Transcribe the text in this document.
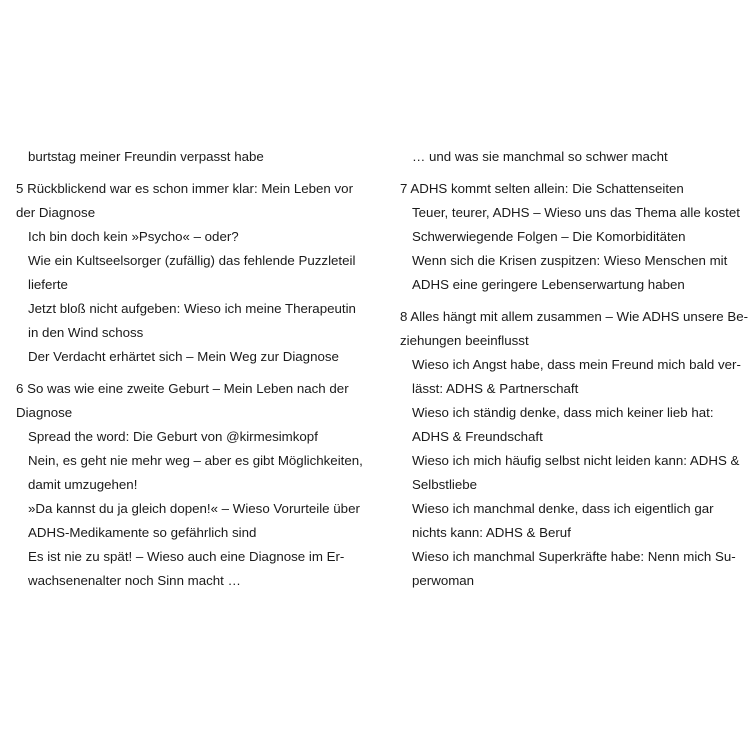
burtstag meiner Freundin verpasst habe
5 Rückblickend war es schon immer klar: Mein Leben vor
der Diagnose
Ich bin doch kein »Psycho« – oder?
Wie ein Kultseelsorger (zufällig) das fehlende Puzzleteil
lieferte
Jetzt bloß nicht aufgeben: Wieso ich meine Therapeutin
in den Wind schoss
Der Verdacht erhärtet sich – Mein Weg zur Diagnose
6 So was wie eine zweite Geburt – Mein Leben nach der
Diagnose
Spread the word: Die Geburt von @kirmesimkopf
Nein, es geht nie mehr weg – aber es gibt Möglichkeiten,
damit umzugehen!
»Da kannst du ja gleich dopen!« – Wieso Vorurteile über
ADHS-Medikamente so gefährlich sind
Es ist nie zu spät! – Wieso auch eine Diagnose im Er-
wachsenenalter noch Sinn macht …
… und was sie manchmal so schwer macht
7 ADHS kommt selten allein: Die Schattenseiten
Teuer, teurer, ADHS – Wieso uns das Thema alle kostet
Schwerwiegende Folgen – Die Komorbiditäten
Wenn sich die Krisen zuspitzen: Wieso Menschen mit
ADHS eine geringere Lebenserwartung haben
8 Alles hängt mit allem zusammen – Wie ADHS unsere Be-
ziehungen beeinflusst
Wieso ich Angst habe, dass mein Freund mich bald ver-
lässt: ADHS & Partnerschaft
Wieso ich ständig denke, dass mich keiner lieb hat:
ADHS & Freundschaft
Wieso ich mich häufig selbst nicht leiden kann: ADHS &
Selbstliebe
Wieso ich manchmal denke, dass ich eigentlich gar
nichts kann: ADHS & Beruf
Wieso ich manchmal Superkräfte habe: Nenn mich Su-
perwoman
